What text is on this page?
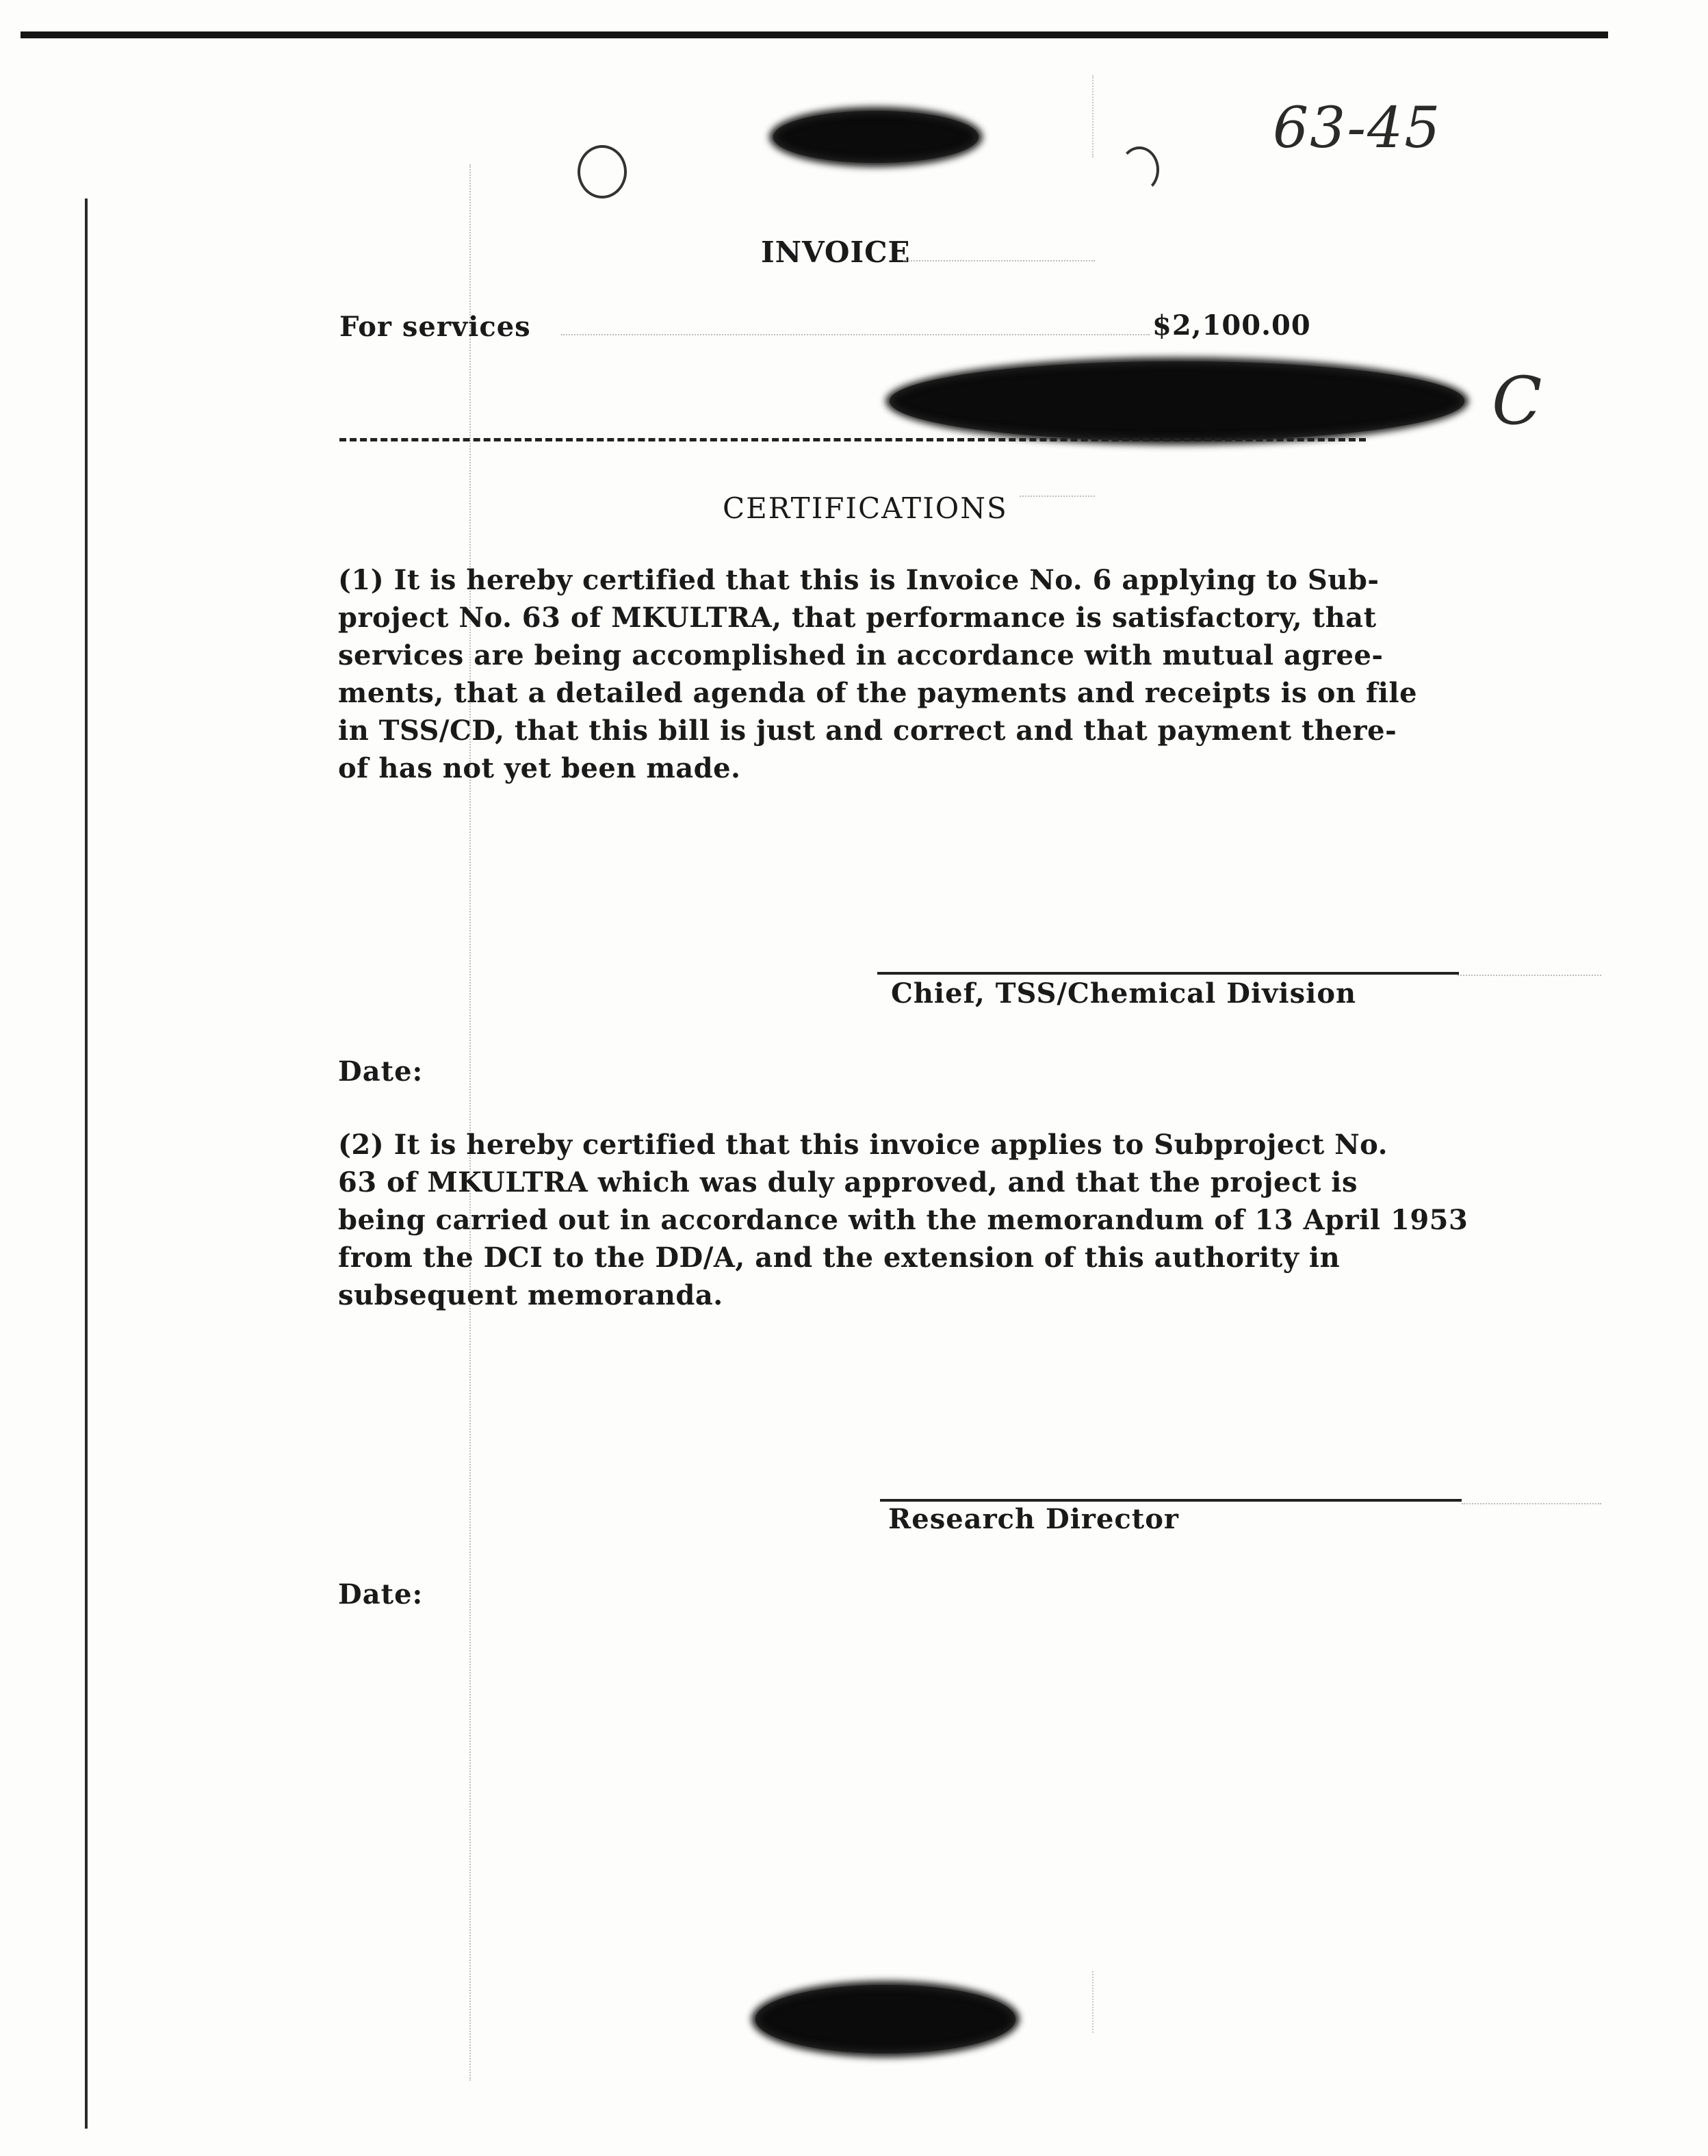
63-45
INVOICE
For services	$2,100.00
C
CERTIFICATIONS
(1) It is hereby certified that this is Invoice No. 6 applying to Sub-
project No. 63 of MKULTRA, that performance is satisfactory, that
services are being accomplished in accordance with mutual agree-
ments, that a detailed agenda of the payments and receipts is on file
in TSS/CD, that this bill is just and correct and that payment there-
of has not yet been made.
Chief, TSS/Chemical Division
Date:
(2) It is hereby certified that this invoice applies to Subproject No.
63 of MKULTRA which was duly approved, and that the project is
being carried out in accordance with the memorandum of 13 April 1953
from the DCI to the DD/A, and the extension of this authority in
subsequent memoranda.
Research Director
Date:
